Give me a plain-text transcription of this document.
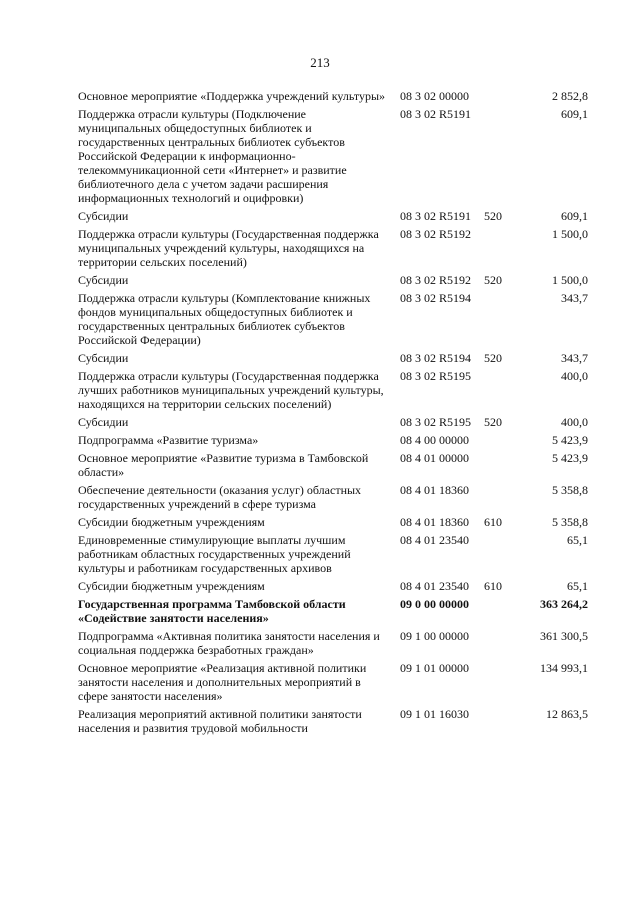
213
Основное мероприятие «Поддержка учреждений культуры»	08 3 02 00000		2 852,8
Поддержка отрасли культуры (Подключение муниципальных общедоступных библиотек и государственных центральных библиотек субъектов Российской Федерации к информационно-телекоммуникационной сети «Интернет» и развитие библиотечного дела с учетом задачи расширения информационных технологий и оцифровки)	08 3 02 R5191		609,1
Субсидии	08 3 02 R5191	520	609,1
Поддержка отрасли культуры (Государственная поддержка муниципальных учреждений культуры, находящихся на территории сельских поселений)	08 3 02 R5192		1 500,0
Субсидии	08 3 02 R5192	520	1 500,0
Поддержка отрасли культуры (Комплектование книжных фондов муниципальных общедоступных библиотек и государственных центральных библиотек субъектов Российской Федерации)	08 3 02 R5194		343,7
Субсидии	08 3 02 R5194	520	343,7
Поддержка отрасли культуры (Государственная поддержка лучших работников муниципальных учреждений культуры, находящихся на территории сельских поселений)	08 3 02 R5195		400,0
Субсидии	08 3 02 R5195	520	400,0
Подпрограмма «Развитие туризма»	08 4 00 00000		5 423,9
Основное мероприятие «Развитие туризма в Тамбовской области»	08 4 01 00000		5 423,9
Обеспечение деятельности (оказания услуг) областных государственных учреждений в сфере туризма	08 4 01 18360		5 358,8
Субсидии бюджетным учреждениям	08 4 01 18360	610	5 358,8
Единовременные стимулирующие выплаты лучшим работникам областных государственных учреждений культуры и работникам государственных архивов	08 4 01 23540		65,1
Субсидии бюджетным учреждениям	08 4 01 23540	610	65,1
Государственная программа Тамбовской области «Содействие занятости населения»	09 0 00 00000		363 264,2
Подпрограмма «Активная политика занятости населения и социальная поддержка безработных граждан»	09 1 00 00000		361 300,5
Основное мероприятие «Реализация активной политики занятости населения и дополнительных мероприятий в сфере занятости населения»	09 1 01 00000		134 993,1
Реализация мероприятий активной политики занятости населения и развития трудовой мобильности	09 1 01 16030		12 863,5
